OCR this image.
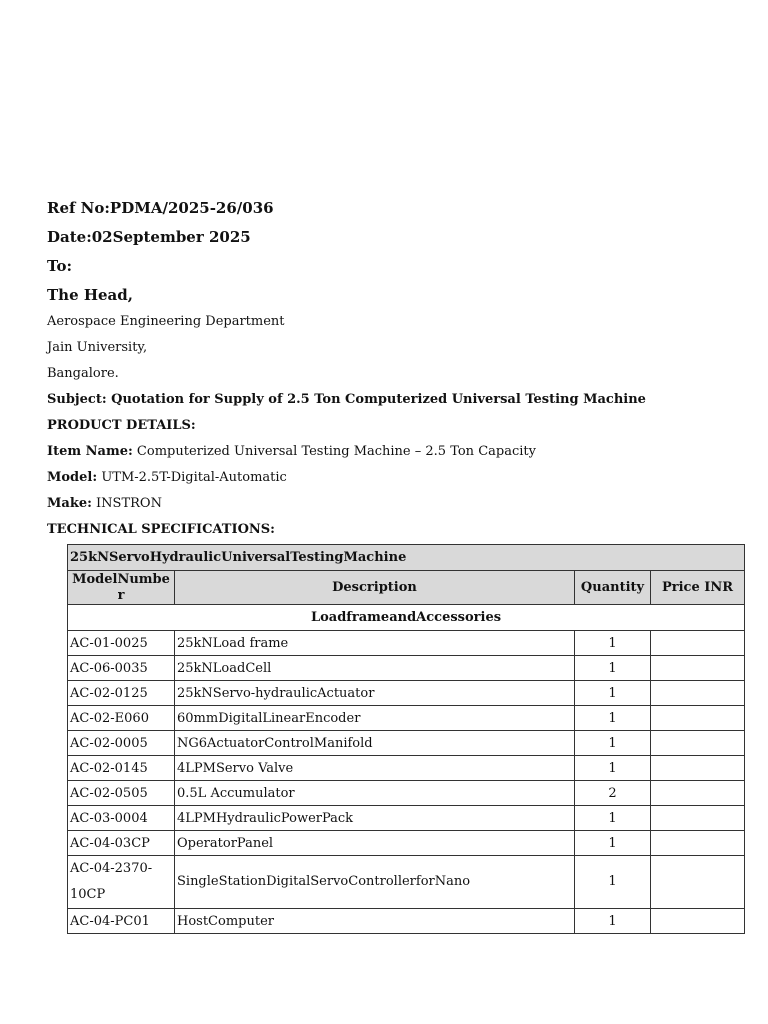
Ref No:PDMA/2025-26/036
Date:02September 2025
To:
The Head,
Aerospace Engineering Department
Jain University,
Bangalore.
Subject: Quotation for Supply of 2.5 Ton Computerized Universal Testing Machine
PRODUCT DETAILS:
Item Name: Computerized Universal Testing Machine – 2.5 Ton Capacity
Model: UTM-2.5T-Digital-Automatic
Make: INSTRON
TECHNICAL SPECIFICATIONS:
25kNServoHydraulicUniversalTestingMachine			
ModelNumber	Description	Quantity	Price INR
LoadframeandAccessories			
AC-01-0025	25kNLoad frame	1	
AC-06-0035	25kNLoadCell	1	
AC-02-0125	25kNServo-hydraulicActuator	1	
AC-02-E060	60mmDigitalLinearEncoder	1	
AC-02-0005	NG6ActuatorControlManifold	1	
AC-02-0145	4LPMServo Valve	1	
AC-02-0505	0.5L Accumulator	2	
AC-03-0004	4LPMHydraulicPowerPack	1	
AC-04-03CP	OperatorPanel	1	
AC-04-2370-10CP	SingleStationDigitalServoControllerforNano	1	
AC-04-PC01	HostComputer	1	
